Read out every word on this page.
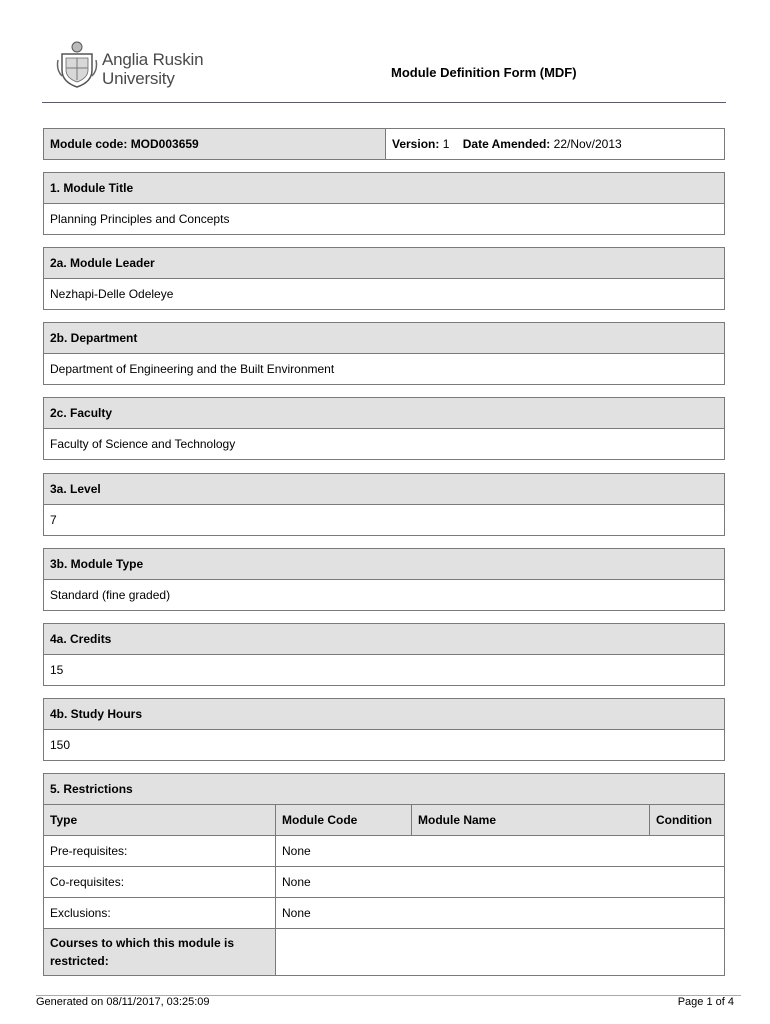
Anglia Ruskin
University	Module Definition Form (MDF)
Module code: MOD003659	Version: 1 Date Amended: 22/Nov/2013
1. Module Title
Planning Principles and Concepts
2a. Module Leader
Nezhapi-Delle Odeleye
2b. Department
Department of Engineering and the Built Environment
2c. Faculty
Faculty of Science and Technology
3a. Level
7
3b. Module Type
Standard (fine graded)
4a. Credits
15
4b. Study Hours
150
5. Restrictions
Type	Module Code	Module Name	Condition
Pre-requisites:	None		
Co-requisites:	None		
Exclusions:	None		
Courses to which this module is restricted:			
Generated on 08/11/2017, 03:25:09	Page 1 of 4
